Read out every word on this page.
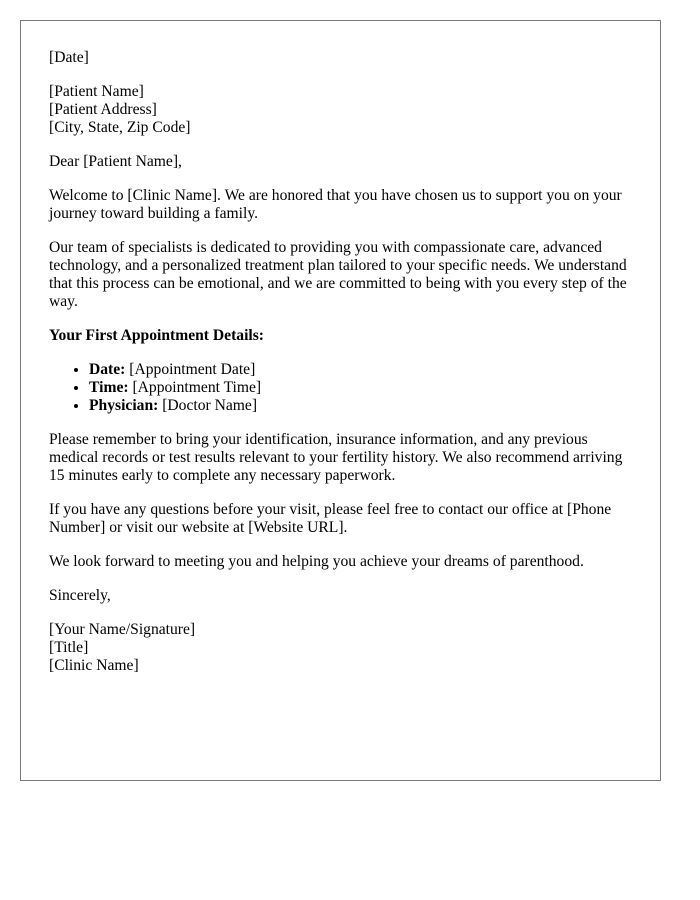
[Date]

[Patient Name]
[Patient Address]
[City, State, Zip Code]

Dear [Patient Name],

Welcome to [Clinic Name]. We are honored that you have chosen us to support you on your journey toward building a family.

Our team of specialists is dedicated to providing you with compassionate care, advanced technology, and a personalized treatment plan tailored to your specific needs. We understand that this process can be emotional, and we are committed to being with you every step of the way.

Your First Appointment Details:

• Date: [Appointment Date]
• Time: [Appointment Time]
• Physician: [Doctor Name]

Please remember to bring your identification, insurance information, and any previous medical records or test results relevant to your fertility history. We also recommend arriving 15 minutes early to complete any necessary paperwork.

If you have any questions before your visit, please feel free to contact our office at [Phone Number] or visit our website at [Website URL].

We look forward to meeting you and helping you achieve your dreams of parenthood.

Sincerely,

[Your Name/Signature]
[Title]
[Clinic Name]
